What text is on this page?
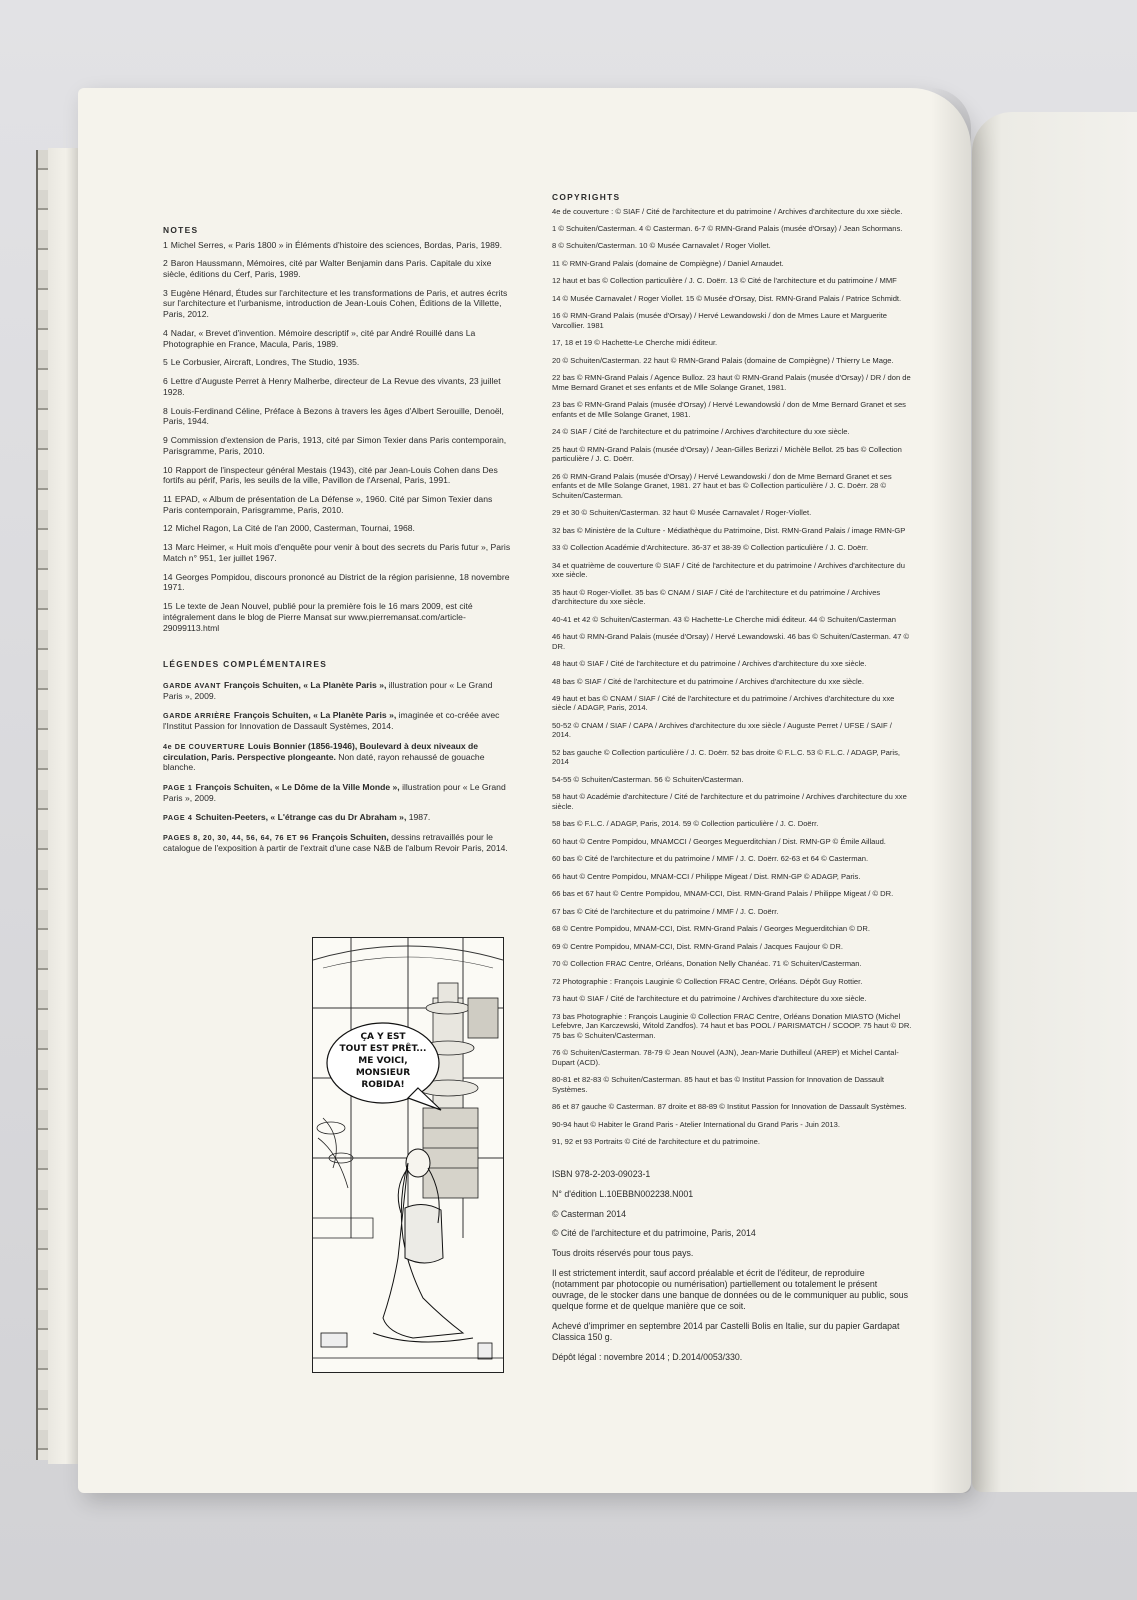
NOTES
1 Michel Serres, « Paris 1800 » in Éléments d'histoire des sciences, Bordas, Paris, 1989.
2 Baron Haussmann, Mémoires, cité par Walter Benjamin dans Paris. Capitale du xixe siècle, éditions du Cerf, Paris, 1989.
3 Eugène Hénard, Études sur l'architecture et les transformations de Paris, et autres écrits sur l'architecture et l'urbanisme, introduction de Jean-Louis Cohen, Éditions de la Villette, Paris, 2012.
4 Nadar, « Brevet d'invention. Mémoire descriptif », cité par André Rouillé dans La Photographie en France, Macula, Paris, 1989.
5 Le Corbusier, Aircraft, Londres, The Studio, 1935.
6 Lettre d'Auguste Perret à Henry Malherbe, directeur de La Revue des vivants, 23 juillet 1928.
8 Louis-Ferdinand Céline, Préface à Bezons à travers les âges d'Albert Serouille, Denoël, Paris, 1944.
9 Commission d'extension de Paris, 1913, cité par Simon Texier dans Paris contemporain, Parisgramme, Paris, 2010.
10 Rapport de l'inspecteur général Mestais (1943), cité par Jean-Louis Cohen dans Des fortifs au périf, Paris, les seuils de la ville, Pavillon de l'Arsenal, Paris, 1991.
11 EPAD, « Album de présentation de La Défense », 1960. Cité par Simon Texier dans Paris contemporain, Parisgramme, Paris, 2010.
12 Michel Ragon, La Cité de l'an 2000, Casterman, Tournai, 1968.
13 Marc Heimer, « Huit mois d'enquête pour venir à bout des secrets du Paris futur », Paris Match n° 951, 1er juillet 1967.
14 Georges Pompidou, discours prononcé au District de la région parisienne, 18 novembre 1971.
15 Le texte de Jean Nouvel, publié pour la première fois le 16 mars 2009, est cité intégralement dans le blog de Pierre Mansat sur www.pierremansat.com/article-29099113.html
LÉGENDES COMPLÉMENTAIRES
GARDE AVANT François Schuiten, « La Planète Paris », illustration pour « Le Grand Paris », 2009.
GARDE ARRIÈRE François Schuiten, « La Planète Paris », imaginée et co-créée avec l'Institut Passion for Innovation de Dassault Systèmes, 2014.
4e DE COUVERTURE Louis Bonnier (1856-1946), Boulevard à deux niveaux de circulation, Paris. Perspective plongeante. Non daté, rayon rehaussé de gouache blanche.
PAGE 1 François Schuiten, « Le Dôme de la Ville Monde », illustration pour « Le Grand Paris », 2009.
PAGE 4 Schuiten-Peeters, « L'étrange cas du Dr Abraham », 1987.
PAGES 8, 20, 30, 44, 56, 64, 76 ET 96 François Schuiten, dessins retravaillés pour le catalogue de l'exposition à partir de l'extrait d'une case N&B de l'album Revoir Paris, 2014.
ÇA Y EST
TOUT EST PRÊT...
ME VOICI,
MONSIEUR
ROBIDA!
COPYRIGHTS
4e de couverture : © SIAF / Cité de l'architecture et du patrimoine / Archives d'architecture du xxe siècle.
1 © Schuiten/Casterman. 4 © Casterman. 6-7 © RMN-Grand Palais (musée d'Orsay) / Jean Schormans.
8 © Schuiten/Casterman. 10 © Musée Carnavalet / Roger Viollet.
11 © RMN-Grand Palais (domaine de Compiègne) / Daniel Arnaudet.
12 haut et bas © Collection particulière / J. C. Doërr. 13 © Cité de l'architecture et du patrimoine / MMF
14 © Musée Carnavalet / Roger Viollet. 15 © Musée d'Orsay, Dist. RMN-Grand Palais / Patrice Schmidt.
16 © RMN-Grand Palais (musée d'Orsay) / Hervé Lewandowski / don de Mmes Laure et Marguerite Varcollier. 1981
17, 18 et 19 © Hachette-Le Cherche midi éditeur.
20 © Schuiten/Casterman. 22 haut © RMN-Grand Palais (domaine de Compiègne) / Thierry Le Mage.
22 bas © RMN-Grand Palais / Agence Bulloz. 23 haut © RMN-Grand Palais (musée d'Orsay) / DR / don de Mme Bernard Granet et ses enfants et de Mlle Solange Granet, 1981.
23 bas © RMN-Grand Palais (musée d'Orsay) / Hervé Lewandowski / don de Mme Bernard Granet et ses enfants et de Mlle Solange Granet, 1981.
24 © SIAF / Cité de l'architecture et du patrimoine / Archives d'architecture du xxe siècle.
25 haut © RMN-Grand Palais (musée d'Orsay) / Jean-Gilles Berizzi / Michèle Bellot. 25 bas © Collection particulière / J. C. Doërr.
26 © RMN-Grand Palais (musée d'Orsay) / Hervé Lewandowski / don de Mme Bernard Granet et ses enfants et de Mlle Solange Granet, 1981. 27 haut et bas © Collection particulière / J. C. Doërr. 28 © Schuiten/Casterman.
29 et 30 © Schuiten/Casterman. 32 haut © Musée Carnavalet / Roger-Viollet.
32 bas © Ministère de la Culture - Médiathèque du Patrimoine, Dist. RMN-Grand Palais / image RMN-GP
33 © Collection Académie d'Architecture. 36-37 et 38-39 © Collection particulière / J. C. Doërr.
34 et quatrième de couverture © SIAF / Cité de l'architecture et du patrimoine / Archives d'architecture du xxe siècle.
35 haut © Roger-Viollet. 35 bas © CNAM / SIAF / Cité de l'architecture et du patrimoine / Archives d'architecture du xxe siècle.
40-41 et 42 © Schuiten/Casterman. 43 © Hachette-Le Cherche midi éditeur. 44 © Schuiten/Casterman
46 haut © RMN-Grand Palais (musée d'Orsay) / Hervé Lewandowski. 46 bas © Schuiten/Casterman. 47 © DR.
48 haut © SIAF / Cité de l'architecture et du patrimoine / Archives d'architecture du xxe siècle.
48 bas © SIAF / Cité de l'architecture et du patrimoine / Archives d'architecture du xxe siècle.
49 haut et bas © CNAM / SIAF / Cité de l'architecture et du patrimoine / Archives d'architecture du xxe siècle / ADAGP, Paris, 2014.
50-52 © CNAM / SIAF / CAPA / Archives d'architecture du xxe siècle / Auguste Perret / UFSE / SAIF / 2014.
52 bas gauche © Collection particulière / J. C. Doërr. 52 bas droite © F.L.C. 53 © F.L.C. / ADAGP, Paris, 2014
54-55 © Schuiten/Casterman. 56 © Schuiten/Casterman.
58 haut © Académie d'architecture / Cité de l'architecture et du patrimoine / Archives d'architecture du xxe siècle.
58 bas © F.L.C. / ADAGP, Paris, 2014. 59 © Collection particulière / J. C. Doërr.
60 haut © Centre Pompidou, MNAMCCI / Georges Meguerditchian / Dist. RMN-GP © Émile Aillaud.
60 bas © Cité de l'architecture et du patrimoine / MMF / J. C. Doërr. 62-63 et 64 © Casterman.
66 haut © Centre Pompidou, MNAM-CCI / Philippe Migeat / Dist. RMN-GP © ADAGP, Paris.
66 bas et 67 haut © Centre Pompidou, MNAM-CCI, Dist. RMN-Grand Palais / Philippe Migeat / © DR.
67 bas © Cité de l'architecture et du patrimoine / MMF / J. C. Doërr.
68 © Centre Pompidou, MNAM-CCI, Dist. RMN-Grand Palais / Georges Meguerditchian © DR.
69 © Centre Pompidou, MNAM-CCI, Dist. RMN-Grand Palais / Jacques Faujour © DR.
70 © Collection FRAC Centre, Orléans, Donation Nelly Chanéac. 71 © Schuiten/Casterman.
72 Photographie : François Lauginie © Collection FRAC Centre, Orléans. Dépôt Guy Rottier.
73 haut © SIAF / Cité de l'architecture et du patrimoine / Archives d'architecture du xxe siècle.
73 bas Photographie : François Lauginie © Collection FRAC Centre, Orléans Donation MIASTO (Michel Lefebvre, Jan Karczewski, Witold Zandfos). 74 haut et bas POOL / PARISMATCH / SCOOP. 75 haut © DR. 75 bas © Schuiten/Casterman.
76 © Schuiten/Casterman. 78-79 © Jean Nouvel (AJN), Jean-Marie Duthilleul (AREP) et Michel Cantal-Dupart (ACD).
80-81 et 82-83 © Schuiten/Casterman. 85 haut et bas © Institut Passion for Innovation de Dassault Systèmes.
86 et 87 gauche © Casterman. 87 droite et 88-89 © Institut Passion for Innovation de Dassault Systèmes.
90-94 haut © Habiter le Grand Paris - Atelier International du Grand Paris - Juin 2013.
91, 92 et 93 Portraits © Cité de l'architecture et du patrimoine.
ISBN 978-2-203-09023-1
N° d'édition L.10EBBN002238.N001
© Casterman 2014
© Cité de l'architecture et du patrimoine, Paris, 2014
Tous droits réservés pour tous pays.
Il est strictement interdit, sauf accord préalable et écrit de l'éditeur, de reproduire (notamment par photocopie ou numérisation) partiellement ou totalement le présent ouvrage, de le stocker dans une banque de données ou de le communiquer au public, sous quelque forme et de quelque manière que ce soit.
Achevé d'imprimer en septembre 2014 par Castelli Bolis en Italie, sur du papier Gardapat Classica 150 g.
Dépôt légal : novembre 2014 ; D.2014/0053/330.
